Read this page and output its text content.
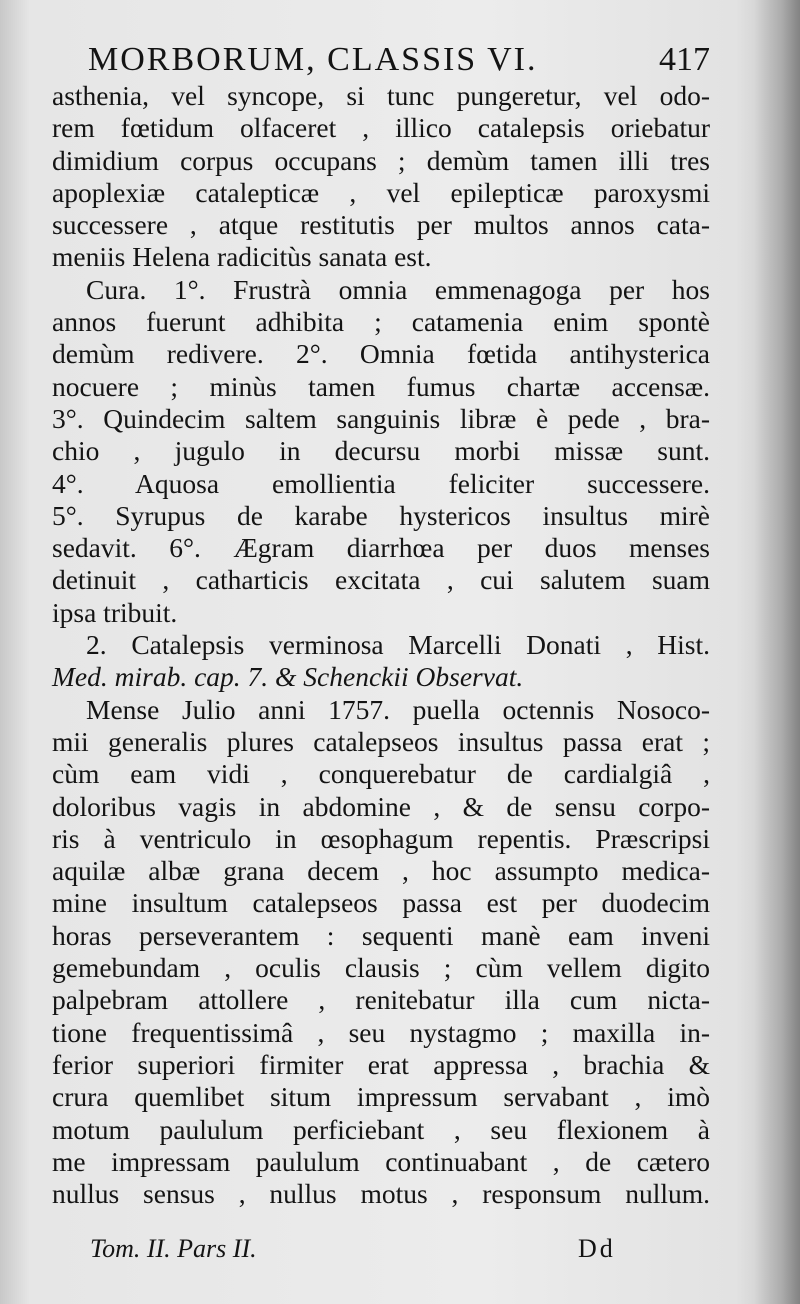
MORBORUM, CLASSIS VI.	417
asthenia, vel syncope, si tunc pungeretur, vel odo-
rem fœtidum olfaceret , illico catalepsis oriebatur
dimidium corpus occupans ; demùm tamen illi tres
apoplexiæ catalepticæ , vel epilepticæ paroxysmi
successere , atque restitutis per multos annos cata-
meniis Helena radicitùs sanata est.
Cura. 1°. Frustrà omnia emmenagoga per hos
annos fuerunt adhibita ; catamenia enim spontè
demùm redivere. 2°. Omnia fœtida antihysterica
nocuere ; minùs tamen fumus chartæ accensæ.
3°. Quindecim saltem sanguinis libræ è pede , bra-
chio , jugulo in decursu morbi missæ sunt.
4°. Aquosa emollientia feliciter successere.
5°. Syrupus de karabe hystericos insultus mirè
sedavit. 6°. Ægram diarrhœa per duos menses
detinuit , catharticis excitata , cui salutem suam
ipsa tribuit.
2. Catalepsis verminosa Marcelli Donati , Hist.
Med. mirab. cap. 7. & Schenckii Observat.
Mense Julio anni 1757. puella octennis Nosoco-
mii generalis plures catalepseos insultus passa erat ;
cùm eam vidi , conquerebatur de cardialgiâ ,
doloribus vagis in abdomine , & de sensu corpo-
ris à ventriculo in œsophagum repentis. Præscripsi
aquilæ albæ grana decem , hoc assumpto medica-
mine insultum catalepseos passa est per duodecim
horas perseverantem : sequenti manè eam inveni
gemebundam , oculis clausis ; cùm vellem digito
palpebram attollere , renitebatur illa cum nicta-
tione frequentissimâ , seu nystagmo ; maxilla in-
ferior superiori firmiter erat appressa , brachia &
crura quemlibet situm impressum servabant , imò
motum paululum perficiebant , seu flexionem à
me impressam paululum continuabant , de cætero
nullus sensus , nullus motus , responsum nullum.
Tom. II. Pars II.	Dd
